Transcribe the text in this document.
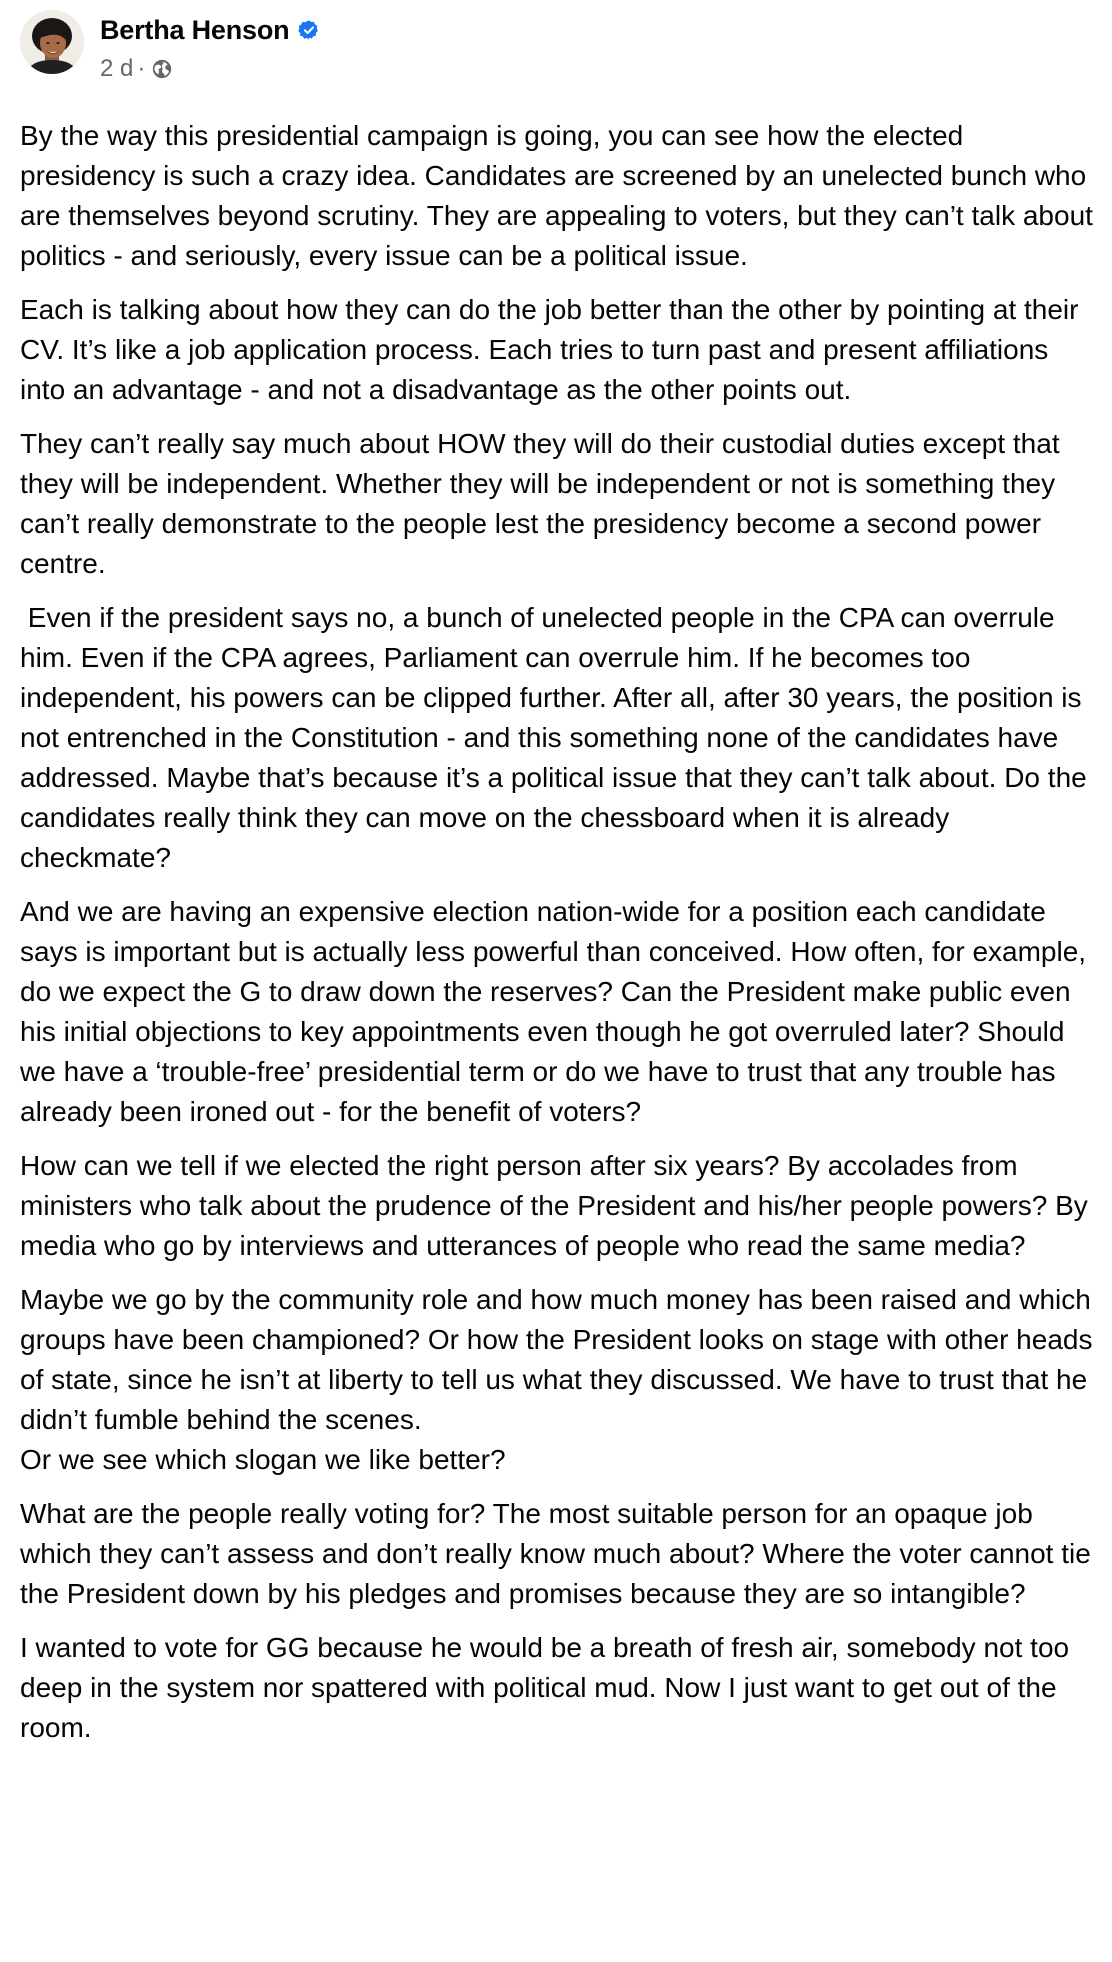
Bertha Henson
2 d ·

By the way this presidential campaign is going, you can see how the elected presidency is such a crazy idea. Candidates are screened by an unelected bunch who are themselves beyond scrutiny. They are appealing to voters, but they can’t talk about politics - and seriously, every issue can be a political issue.

Each is talking about how they can do the job better than the other by pointing at their CV. It’s like a job application process. Each tries to turn past and present affiliations into an advantage - and not a disadvantage as the other points out.

They can’t really say much about HOW they will do their custodial duties except that they will be independent. Whether they will be independent or not is something they can’t really demonstrate to the people lest the presidency become a second power centre.

Even if the president says no, a bunch of unelected people in the CPA can overrule him. Even if the CPA agrees, Parliament can overrule him. If he becomes too independent, his powers can be clipped further. After all, after 30 years, the position is not entrenched in the Constitution - and this something none of the candidates have addressed. Maybe that’s because it’s a political issue that they can’t talk about. Do the candidates really think they can move on the chessboard when it is already checkmate?

And we are having an expensive election nation-wide for a position each candidate says is important but is actually less powerful than conceived. How often, for example, do we expect the G to draw down the reserves? Can the President make public even his initial objections to key appointments even though he got overruled later? Should we have a ‘trouble-free’ presidential term or do we have to trust that any trouble has already been ironed out - for the benefit of voters?

How can we tell if we elected the right person after six years? By accolades from ministers who talk about the prudence of the President and his/her people powers? By media who go by interviews and utterances of people who read the same media?

Maybe we go by the community role and how much money has been raised and which groups have been championed? Or how the President looks on stage with other heads of state, since he isn’t at liberty to tell us what they discussed. We have to trust that he didn’t fumble behind the scenes.
Or we see which slogan we like better?

What are the people really voting for? The most suitable person for an opaque job which they can’t assess and don’t really know much about? Where the voter cannot tie the President down by his pledges and promises because they are so intangible?

I wanted to vote for GG because he would be a breath of fresh air, somebody not too deep in the system nor spattered with political mud. Now I just want to get out of the room.
